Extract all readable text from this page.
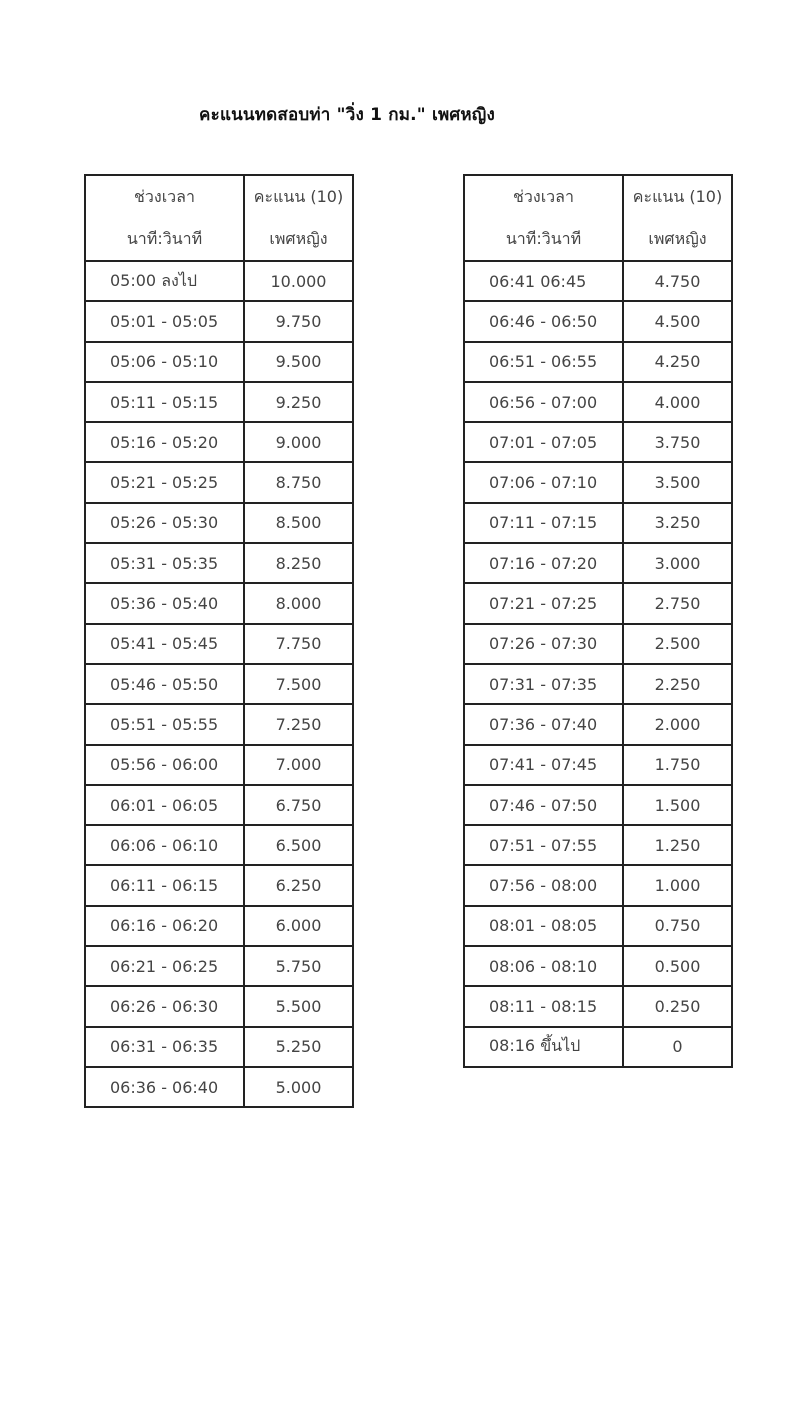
คะแนนทดสอบท่า "วิ่ง 1 กม." เพศหญิง
ช่วงเวลา
นาที:วินาที	คะแนน (10)
เพศหญิง

05:00 ลงไป	10.000
05:01 - 05:05	9.750
05:06 - 05:10	9.500
05:11 - 05:15	9.250
05:16 - 05:20	9.000
05:21 - 05:25	8.750
05:26 - 05:30	8.500
05:31 - 05:35	8.250
05:36 - 05:40	8.000
05:41 - 05:45	7.750
05:46 - 05:50	7.500
05:51 - 05:55	7.250
05:56 - 06:00	7.000
06:01 - 06:05	6.750
06:06 - 06:10	6.500
06:11 - 06:15	6.250
06:16 - 06:20	6.000
06:21 - 06:25	5.750
06:26 - 06:30	5.500
06:31 - 06:35	5.250
06:36 - 06:40	5.000
ช่วงเวลา
นาที:วินาที	คะแนน (10)
เพศหญิง

06:41 06:45	4.750
06:46 - 06:50	4.500
06:51 - 06:55	4.250
06:56 - 07:00	4.000
07:01 - 07:05	3.750
07:06 - 07:10	3.500
07:11 - 07:15	3.250
07:16 - 07:20	3.000
07:21 - 07:25	2.750
07:26 - 07:30	2.500
07:31 - 07:35	2.250
07:36 - 07:40	2.000
07:41 - 07:45	1.750
07:46 - 07:50	1.500
07:51 - 07:55	1.250
07:56 - 08:00	1.000
08:01 - 08:05	0.750
08:06 - 08:10	0.500
08:11 - 08:15	0.250
08:16 ขึ้นไป	0
